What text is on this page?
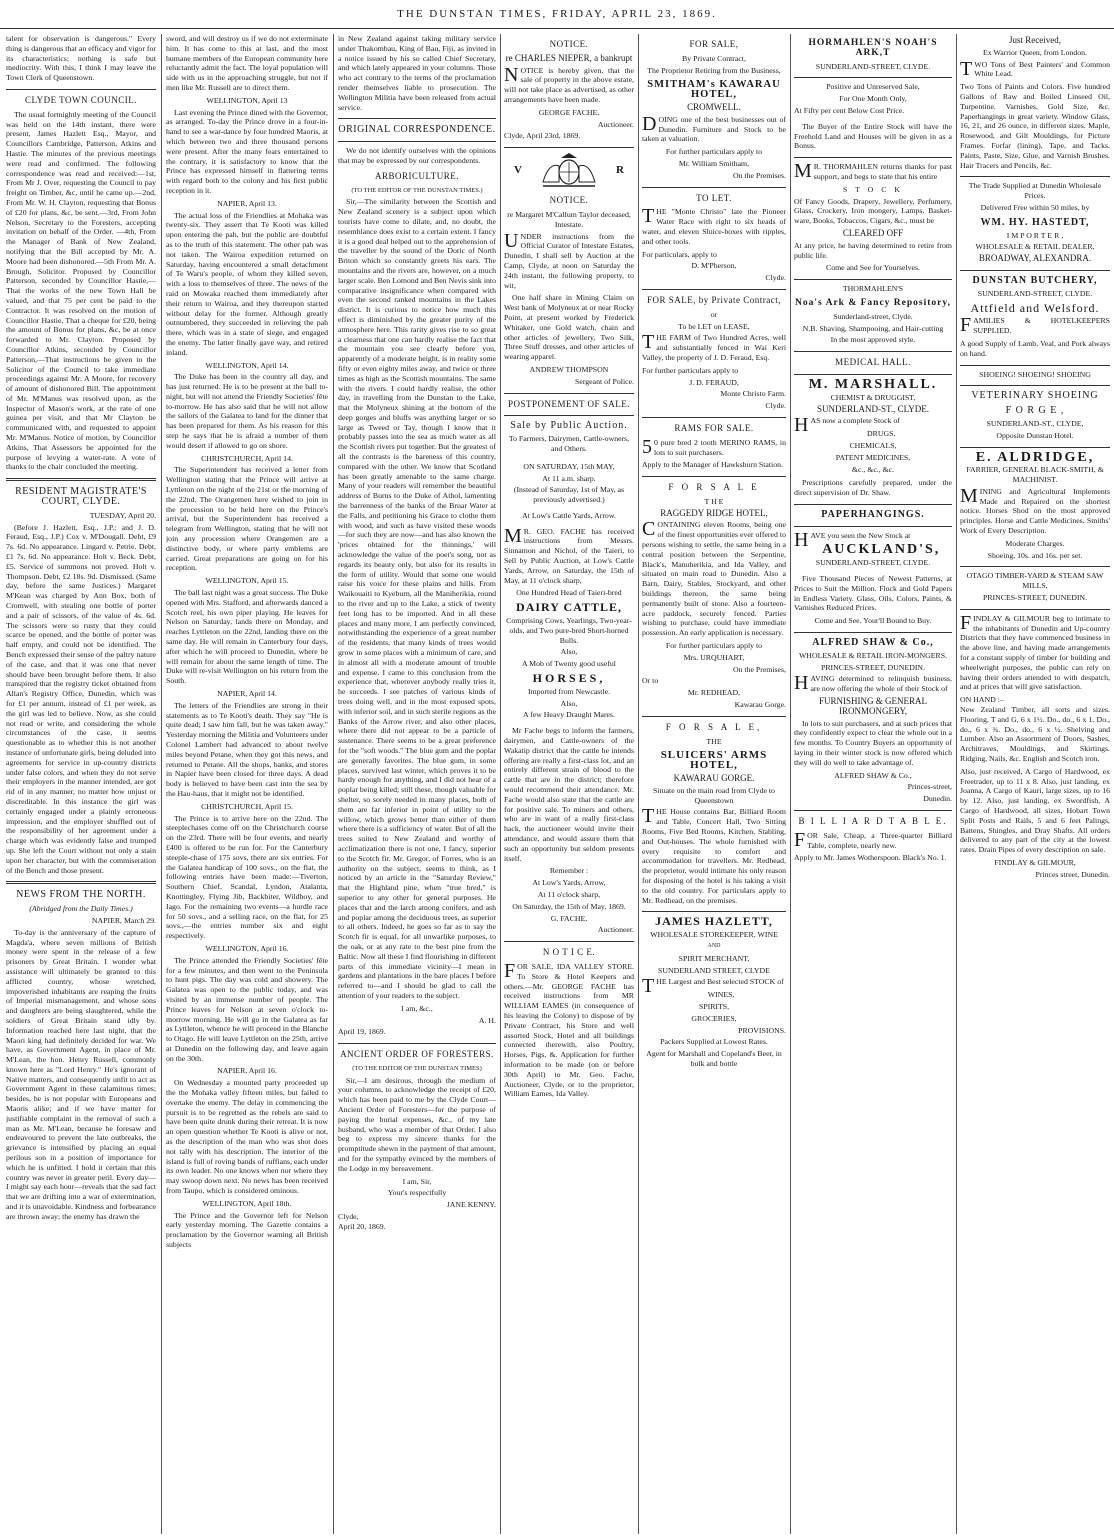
THE DUNSTAN TIMES, FRIDAY, APRIL 23, 1869.

talent for observation is dangerous." Every thing is dangerous that an efficacy and vigor for its characteristics; nothing is safe but mediocrity. With this, I think I may leave the Town Clerk of Queenstown.

CLYDE TOWN COUNCIL.

The usual fortnightly meeting of the Council was held on the 14th instant, there were present, James Hazlett Esq., Mayor, and Councillors Cambridge, Patterson, Atkins and Hastie. The minutes of the previous meetings were read and confirmed. The following correspondence was read and received:—1st, From Mr J. Over, requesting the Council to pay freight on Timber, &c, until he came up.—2nd, From Mr. W. H. Clayton, requesting that Bonus of £20 for plans, &c, be sent.—3rd, From John Nelson, Secretary to the Foresters, accepting invitation on behalf of the Order. —4th, From the Manager of Bank of New Zealand, notifying that the Bill accepted by Mr. A. Moore had been dishonored.—5th From Mr. A. Brough, Solicitor. Proposed by Councillor Patterson, seconded by Councillor Hastie,—That the works of the new Town Hall be valued, and that 75 per cent be paid to the Contractor. It was resolved on the motion of Councillor Hastie, That a cheque for £20, being the amount of Bonus for plans, &c, be at once forwarded to Mr. Clayton. Proposed by Councillor Atkins, seconded by Councillor Patterson,—That instructions be given to the Solicitor of the Council to take immediate proceedings against Mr. A Moore, for recovery of amount of dishonored Bill. The appointment of Mr. M'Manus was resolved upon, as the Inspector of Mason's work, at the rate of one guinea per visit, and that Mr Clayton be communicated with, and requested to appoint Mr. M'Manus. Notice of motion, by Councillor Atkins, That Assessors be appointed for the purpose of levying a water-rate. A vote of thanks to the chair concluded the meeting.

RESIDENT MAGISTRATE'S COURT, CLYDE.
TUESDAY, April 20.

(Before J. Hazlett, Esq., J.P.; and J. D. Feraud, Esq., J.P.) Cox v. M'Dougall. Debt, £9 7s. 6d. No appearance. Lingard v. Petrie. Debt, £1 7s. 6d. No appearance. Holt v. Beck. Debt, £5. Service of summons not proved. Holt v. Thompson. Debt, £2 18s. 9d. Dismissed. (Same day, before the same Justices.) Margaret M'Kean was charged by Ann Box, both of Cromwell, with stealing one bottle of porter and a pair of scissors, of the value of 4s. 6d. The scissors were so rusty that they could scarce be opened, and the bottle of porter was half empty, and could not be identified. The Bench expressed their sense of the paltry nature of the case, and that it was one that never should have been brought before them. It also transpired that the registry ticket obtained from Allan's Registry Office, Dunedin, which was for £1 per annum, instead of £1 per week, as the girl was led to believe. Now, as she could not read or write, and considering the whole circumstances of the case, it seems questionable as to whether this is not another instance of unfortunate girls, being deluded into agreements for service in up-country districts under false colors, and when they do not serve their employers in the manner intended, are got rid of in any manner, no matter how unjust or discreditable. In this instance the girl was certainly engaged under a plainly erroneous impression, and the employer shuffled out of the responsibility of her agreement under a charge which was evidently false and trumped up. She left the Court without not only a stain upon her character, but with the commiseration of the Bench and those present.

NEWS FROM THE NORTH.
(Abridged from the Daily Times.)
NAPIER, March 29.

To-day is the anniversary of the capture of Magda'a, where seven millions of British money were spent in the release of a few prisoners by Great Britain. I wonder what assistance will ultimately be granted to this afflicted country, whose wretched, impoverished inhabitants are reaping the fruits of Imperial mismanagement, and whose sons and daughters are being slaughtered, while the soldiers of Great Britain stand idly by. Information reached here last night, that the Maori king had definitely decided for war. We have, as Government Agent, in place of Mr. M'Lean, the hon. Henry Russell, commonly known here as "Lord Henry." He's ignorant of Native matters, and consequently unfit to act as Government Agent in these calamitous times; besides, he is not popular with Europeans and Maoris alike; and if we have matter for justifiable complaint in the removal of such a man as Mr. M'Lean, because he foresaw and endeavoured to prevent the late outbreaks, the grievance is intensified by placing an equal perilous son in a position of importance for which he is unfitted. I hold it certain that this country was never in greater peril. Every day—I might say each hour—reveals that the sad fact that we are drifting into a war of extermination, and it is unavoidable. Kindness and forbearance are thrown away; the enemy has drawn the

sword, and will destroy us if we do not exterminate him. It has come to this at last, and the most humane members of the European community here reluctantly admit the fact. The loyal population will side with us in the approaching struggle, but not if men like Mr. Russell are to direct them.

WELLINGTON, April 13

Last evening the Prince dined with the Governor, as arranged. To-day the Prince drove in a four-in-hand to see a war-dance by four hundred Maoris, at which between two and three thousand persons were present. After the many fears entertained to the contrary, it is satisfactory to know that the Prince has expressed himself in flattering terms with regard both to the colony and his first public reception in it.

NAPIER, April 13.

The actual loss of the Friendlies at Mohaka was twenty-six. They assert that Te Kooti was killed upon entering the pah, but the public are doubtful as to the truth of this statement. The other pah was not taken. The Wairoa expedition returned on Saturday, having encountered a small detachment of Te Waru's people, of whom they killed seven, with a loss to themselves of three. The news of the raid on Mowaka reached them immediately after their return to Wairoa, and they thereupon started without delay for the former. Although greatly outnumbered, they succeeded in relieving the pah there, which was in a state of siege, and engaged the enemy. The latter finally gave way, and retired inland.

WELLINGTON, April 14.

The Duke has been in the country all day, and has just returned. He is to be present at the ball to-night, but will not attend the Friendly Societies' fête to-morrow. He has also said that he will not allow the sailors of the Galatea to land for the dinner that has been prepared for them. As his reason for this step he says that he is afraid a number of them would desert if allowed to go on shore.

CHRISTCHURCH, April 14.

The Superintendent has received a letter from Wellington stating that the Prince will arrive at Lyttleton on the night of the 21st or the morning of the 22nd. The Orangemen here wished to join in the procession to be held here on the Prince's arrival, but the Superintendent has received a telegram from Wellington, stating that he will not join any procession where Orangemen are a distinctive body, or where party emblems are carried. Great preparations are going on for his reception.

WELLINGTON, April 15.

The ball last night was a great success. The Duke opened with Mrs. Stafford, and afterwards danced a Scotch reel, his own piper playing. He leaves for Nelson on Saturday, lands there on Monday, and reaches Lyttleton on the 22nd, landing there on the same day. He will remain in Canterbury four days, after which he will proceed to Dunedin, where he will remain for about the same length of time. The Duke will re-visit Wellington on his return from the South.

NAPIER, April 14.

The letters of the Friendlies are strong in their statements as to Te Kooti's death. They say "He is quite dead; I saw him fall, but he was taken away." Yesterday morning the Militia and Volunteers under Colonel Lambert had advanced to about twelve miles beyond Petane, when they got this news, and returned to Petane. All the shops, banks, and stores in Napier have been closed for three days. A dead body is believed to have been cast into the sea by the Hau-haus, that it might not be identified.

CHRISTCHURCH, April 15.

The Prince is to arrive here on the 22nd. The steeplechases come off on the Christchurch course on the 23rd. There will be four events, and nearly £400 is offered to be run for. For the Canterbury steeple-chase of 175 sovs, there are six entries. For the Galatea handicap of 100 sovs., on the flat, the following entries have been made:—Tiverton, Southern Chief, Scandal, Lyndon, Atalanta, Knottingley, Flying Jib, Backbiter, Wildboy, and Iago. For the remaining two events—a hurdle race for 50 sovs., and a selling race, on the flat, for 25 sovs.,—the entries number six and eight respectively.

WELLINGTON, April 16.

The Prince attended the Friendly Societies' fête for a few minutes, and then went to the Peninsula to hunt pigs. The day was cold and showery. The Galatea was open to the public today, and was visited by an immense number of people. The Prince leaves for Nelson at seven o'clock to-morrow morning. He will go in the Galatea as far as Lyttleton, whence he will proceed in the Blanche to Otago. He will leave Lyttleton on the 25th, arrive at Dunedin on the following day, and leave again on the 30th.

NAPIER, April 16.

On Wednesday a mounted party proceeded up the the Mohaka valley fifteen miles, but failed to overtake the enemy. The delay in commencing the pursuit is to be regretted as the rebels are said to have been quite drunk during their retreat. It is now an open question whether Te Kooti is alive or not, as the description of the man who was shot does not tally with his description. The interior of the island is full of roving bands of ruffians, each under its own leader. No one knows when nor where they may swoop down next. No news has been received from Taupo, which is considered ominous.

WELLINGTON, April 18th.

The Prince and the Governor left for Nelson early yesterday morning. The Gazette contains a proclamation by the Governor warning all British subjects

in New Zealand against taking military service under Thakombau, King of Bau, Fiji, as invited in a notice issued by his so called Chief Secretary, and which lately appeared in your columns. Those who act contrary to the terms of the proclamation render themselves liable to prosecution. The Wellington Militia have been released from actual service.

ORIGINAL CORRESPONDENCE.

We do not identify ourselves with the opinions that may be expressed by our correspondents.

ARBORICULTURE.
(TO THE EDITOR OF THE DUNSTAN TIMES.)

Sir,—The similarity between the Scottish and New Zealand scenery is a subject upon which tourists have come to dilate, and, no doubt, the resemblance does exist to a certain extent. I fancy it is a good deal helped out to the apprehension of the traveller by the sound of the Doric of North Briton which so constantly greets his ears. The mountains and the rivers are, however, on a much larger scale. Ben Lomond and Ben Nevis sink into comparative insignificance when compared with even the second ranked mountains in the Lakes district. It is curious to notice how much this effect is diminished by the greater purity of the atmosphere here. This rarity gives rise to so great a clearness that one can hardly realise the fact that the mountain you see clearly before you, apparently of a moderate height, is in reality some fifty or even eighty miles away, and twice or three times as high as the Scottish mountains. The same with the rivers. I could hardly realise, the other day, in travelling from the Dunstan to the Lake, that the Molyneux shining at the bottom of the deep gorges and bluffs was anything larger or so large as Tweed or Tay, though I know that it probably passes into the sea as much water as all the Scottish rivers put together. But the greatest of all the contrasts is the bareness of this country, compared with the other. We know that Scotland has been greatly amenable to the same charge. Many of your readers will remember the beautiful address of Burns to the Duke of Athol, lamenting the barrenness of the banks of the Bruar Water at the Falls, and petitioning his Grace to clothe them with wood, and such as have visited these woods—for such they are now—and has also known the 'prices obtained for the thinnings,' will acknowledge the value of the poet's song, not as regards its beauty only, but also for its results in the form of utility. Would that some one would raise his voice for these plains and hills. From Waikouaiti to Kyeburn, all the Maniherikia, round to the river and up to the Lake, a stick of twenty feet long has to be imported. And in all these places and many more, I am perfectly convinced, notwithstanding the experience of a great number of the residents, that many kinds of trees would grow in some places with a minimum of care, and in almost all with a moderate amount of trouble and expense. I came to this conclusion from the experience that, wherever anybody really tries it, he succeeds. I see patches of various kinds of trees doing well, and in the most exposed spots, with inferior soil, and in such sterile regions as the Banks of the Arrow river, and also other places, where there did not appear to be a particle of sustenance. There seems to be a great preference for the "soft woods." The blue gum and the poplar are generally favorites. The blue gum, in some places, survived last winter, which proves it to be hardy enough for anything, and I did not hear of a poplar being killed; still these, though valuable for shelter, so sorely needed in many places, both of them are far inferior in point of utility to the willow, which grows better than either of them where there is a sufficiency of water. But of all the trees suited to New Zealand and worthy of acclimatization there is not one, I fancy, superior to the Scotch fir. Mr. Gregor, of Forres, who is an authority on the subject, seems to think, as I noticed by an article in the "Saturday Review," that the Highland pine, when "true bred," is superior to any other for general purposes. He places that and the larch among conifers, and ash and poplar among the deciduous trees, as superior to all others. Indeed, he goes so far as to say the Scotch fir is equal, for all unwarlike purposes, to the oak, or at any rate to the best pine from the Baltic. Now all these I find flourishing in different parts of this immediate vicinity—I mean in gardens and plantations in the bare places I before referred to—and I should be glad to call the attention of your readers to the subject.

I am, &c.,
A. H.
April 19, 1869.
ANCIENT ORDER OF FORESTERS.
(TO THE EDITOR OF THE DUNSTAN TIMES)

Sir,—I am desirous, through the medium of your columns, to acknowledge the receipt of £20, which has been paid to me by the Clyde Court—Ancient Order of Foresters—for the purpose of paying the burial expenses, &c., of my late husband, who was a member of that Order. I also beg to express my sincere thanks for the promptitude shewn in the payment of that amount, and for the sympathy evinced by the members of the Lodge in my bereavement.

I am, Sir,
Your's respectfully
JANE KENNY.
Clyde,
April 20, 1869.
NOTICE.
re CHARLES NIEPER, a bankrupt

NOTICE is hereby given, that the sale of property in the above estate, will not take place as advertised, as other arrangements have been made.

GEORGE FACHE,
Auctioneer.
Clyde, April 23rd, 1869.
V	R
NOTICE.
re Margaret M'Callum Taylor deceased, Intestate.

UNDER instructions from the Official Curator of Intestate Estates, Dunedin, I shall sell by Auction at the Camp, Clyde, at noon on Saturday the 24th instant, the following property, to wit,

One half share in Mining Claim on West bank of Molyneux at or near Rocky Point, at present worked by Frederick Whitaker, one Gold watch, chain and other articles of jewellery, Two Silk, Three Stuff dresses, and other articles of wearing apparel.

ANDREW THOMPSON
Sergeant of Police.
POSTPONEMENT OF SALE.
Sale by Public Auction.
To Farmers, Dairymen, Cattle-owners, and Others.
ON SATURDAY, 15th MAY,
At 11 a.m. sharp.
(Instead of Saturday, 1st of May, as previously advertised.)
At Low's Cattle Yards, Arrow.

MR. GEO. FACHE has received instructions from Messrs. Sinnamon and Nichol, of the Taieri, to Sell by Public Auction, at Low's Cattle Yards, Arrow, on Saturday, the 15th of May, at 11 o'clock sharp,

One Hundred Head of Taieri-bred
DAIRY CATTLE,
Comprising Cows, Yearlings, Two-year-olds, and Two pure-bred Short-horned Bulls.
Also,
A Mob of Twenty good useful
HORSES,
Imported from Newcastle.
Also,
A few Heavy Draught Mares.

Mr Fache begs to inform the farmers, dairymen, and Cattle-owners of the Wakatip district that the cattle he intends offering are really a first-class lot, and an entirely different strain of blood to the cattle that are in the district; therefore would recommend their attendance. Mr. Fache would also state that the cattle are for positive sale. To miners and others, who are in want of a really first-class hack, the auctioneer would invite their attendance, and would assure them that such an opportunity but seldom presents itself.

Remember :
At Low's Yards, Arrow,
At 11 o'clock sharp,
On Saturday, the 15th of May, 1869.
G. FACHE,
Auctioneer.
N O T I C E.

FOR SALE, IDA VALLEY STORE. To Store & Hotel Keepers and others.—Mr. GEORGE FACHE has received instructions from MR WILLIAM EAMES (in consequence of his leaving the Colony) to dispose of by Private Contract, his Store and well assorted Stock, Hotel and all buildings connected therewith, also Poultry, Horses, Pigs, &. Application for further information to be made (on or before 30th April) to Mr. Geo. Fache, Auctioneer, Clyde, or to the proprietor, William Eames, Ida Valley.

FOR SALE,
By Private Contract,
The Proprietor Retiring from the Business,
SMITHAM's KAWARAU HOTEL,
CROMWELL.

DOING one of the best businesses out of Dunedin. Furniture and Stock to be taken at valuation.

For further particulars apply to
Mr. William Smitham,
On the Premises.
TO LET.

THE "Monte Christo" late the Pioneer Water Race with right to six heads of water, and eleven Sluice-boxes with ripples, and other tools.

For particulars, apply to
D. M'Pherson,
Clyde.
FOR SALE, by Private Contract,
or
To be LET on LEASE,

THE FARM of Two Hundred Acres, well and substantially fenced in Wai Keri Valley, the property of J. D. Feraud, Esq.

For further particulars apply to
J. D. FERAUD,
Monte Christo Farm.
Clyde.
RAMS FOR SALE.

50 pure bred 2 tooth MERINO RAMS, in lots to suit purchasers.

Apply to the Manager of Hawksburn Station.
F O R S A L E
T H E
RAGGEDY RIDGE HOTEL,

CONTAINING eleven Rooms, being one of the finest opportunities ever offered to persons wishing to settle, the same being in a central position between the Serpentine, Black's, Manuherikia, and Ida Valley, and situated on main road to Dunedin. Also a Barn, Dairy, Stables, Stockyard, and other buildings thereon, the same being permanently built of stone. Also a fourteen-acre paddock, securely fenced. Parties wishing to purchase, could have immediate possession. An early application is necessary.

For further particulars apply to
Mrs. URQUHART,
On the Premises,
Or to
Mr. REDHEAD,
Kawarau Gorge.
F O R S A L E,
THE
SLUICERS' ARMS HOTEL,
KAWARAU GORGE.
Situate on the main road from Clyde to Queenstown

THE House contains Bar, Billiard Room and Table, Concert Hall, Two Sitting Rooms, Five Bed Rooms, Kitchen, Stabling, and Out-houses. The whole furnished with every requisite to comfort and accommodation for travellers. Mr. Redhead, the proprietor, would intimate his only reason for disposing of the hotel is his taking a visit to the old country. For particulars apply to Mr. Redhead, on the premises.

JAMES HAZLETT,
WHOLESALE STOREKEEPER, WINE
AND
SPIRIT MERCHANT,
SUNDERLAND STREET, CLYDE

THE Largest and Best selected STOCK of

WINES,
SPIRITS,
GROCERIES,
PROVISIONS.
Packers Supplied at Lowest Rates.
Agent for Marshall and Copeland's Beer, in bulk and bottle
HORMAHLEN'S NOAH'S ARK,T
SUNDERLAND-STREET, CLYDE.
Positive and Unreserved Sale,
For One Month Only,
At Fifty per cent Below Cost Price.

The Buyer of the Entire Stock will have the Freehold Land and Houses will be given in as a Bonus.

MR. THORMAHLEN returns thanks for past support, and begs to state that his entire

S T O C K

Of Fancy Goods, Drapery, Jewellery, Perfumery, Glass, Crockery, Iron mongery, Lamps, Basket-ware, Books, Tobaccos, Cigars, &c., must be

CLEARED OFF

At any price, he having determined to retire from public life.

Come and See for Yourselves.
THORMAHLEN'S
Noa's Ark & Fancy Repository,
Sunderland-street, Clyde.
N.B. Shaving, Shampooing, and Hair-cutting
In the most approved style.
MEDICAL HALL.
M. MARSHALL.
CHEMIST & DRUGGIST,
SUNDERLAND-ST., CLYDE.

HAS now a complete Stock of

DRUGS,
CHEMICALS,
PATENT MEDICINES,
&c., &c., &c.

Prescriptions carefully prepared, under the direct supervision of Dr. Shaw.

PAPERHANGINGS.

HAVE you seen the New Stock at

AUCKLAND'S,
SUNDERLAND-STREET, CLYDE.

Five Thousand Pieces of Newest Patterns, at Prices to Suit the Million. Flock and Gold Papers in Endless Variety. Glass, Oils, Colors, Paints, & Varnishes Reduced Prices.

Come and See. Your'll Bound to Buy.
ALFRED SHAW & Co.,
WHOLESALE & RETAIL IRON-MONGERS.
PRINCES-STREET, DUNEDIN.

HAVING determined to relinquish business, are now offering the whole of their Stock of

FURNISHING & GENERAL IRONMONGERY,

In lots to suit purchasers, and at such prices that they confidently expect to clear the whole out in a few months. To Country Buyers an opportunity of laying in their winter stock is now offered which they will do well to take advantage of.

ALFRED SHAW & Co.,
Princes-street,
Dunedin.
B I L L I A R D T A B L E.

FOR Sale, Cheap, a Three-quarter Billiard Table, complete, nearly new.

Apply to Mr. James Wotherspoon. Black's No. 1.
Just Received,
Ex Warrior Queen, from London.

TWO Tons of Best Painters' and Common White Lead.

Two Tons of Paints and Colors. Five hundred Gallons of Raw and Boiled Linseed Oil, Turpentine. Varnishes, Gold Size, &c. Paperhangings in great variety. Window Glass, 16, 21, and 26 ounce, in different sizes. Maple, Rosewood, and Gilt Mouldings, for Picture Frames. Forfar (lining), Tape, and Tacks. Paints, Paste, Size, Glue, and Varnish Brushes. Hair Tracers and Pencils, &c.

The Trade Supplied at Dunedin Wholesale Prices.
Delivered Free within 50 miles, by
WM. HY. HASTEDT,
I M P O R T E R ,
WHOLESALE & RETAIL DEALER,
BROADWAY, ALEXANDRA.
DUNSTAN BUTCHERY,
SUNDERLAND-STREET, CLYDE.
Attfield and Welsford.

FAMILIES & HOTELKEEPERS SUPPLIED.

A good Supply of Lamb, Veal, and Pork always on hand.

SHOEING! SHOEING! SHOEING
VETERINARY SHOEING
F O R G E ,
SUNDERLAND-ST., CLYDE,
Opposite Dunstan Hotel.
E. ALDRIDGE,
FARRIER, GENERAL BLACK-SMITH, & MACHINIST.

MINING and Agricultural Implements Made and Repaired on the shortest notice. Horses Shod on the most approved principles. Horse and Cattle Medicines. Smiths' Work of Every Description.

Moderate Charges.
Shoeing, 10s. and 16s. per set.
OTAGO TIMBER-YARD & STEAM SAW MILLS,
PRINCES-STREET, DUNEDIN.

FINDLAY & GILMOUR beg to intimate to the inhabitants of Dunedin and Up-country Districts that they have commenced business in the above line, and having made arrangements for a constant supply of timber for building and wheelwright purposes, the public can rely on having their orders attended to with despatch, and at prices that will give satisfaction.

ON HAND :–

New Zealand Timber, all sorts and sizes. Flooring, T and G, 6 x 1½. Do., do., 6 x 1. Do., do., 6 x ¾. Do., do., 6 x ½. Shelving and Lumber. Also an Assortment of Doors, Sashes, Architraves, Mouldings, and Skirtings. Ridging, Nails, &c. English and Scotch iron.

Also, just received, A Cargo of Hardwood, ex Freetrader, up to 11 x 8. Also, just landing, ex Joanna, A Cargo of Kauri, large sizes, up to 16 by 12. Also, just landing, ex Swordfish, A Cargo of Hardwood, all sizes, Hobart Town Split Posts and Rails, 5 and 6 feet Palings, Battens, Shingles, and Dray Shafts. All orders delivered to any part of the city at the lowest rates. Drain Pipes of every description on sale.

FINDLAY & GILMOUR,
Princes street, Dunedin.
